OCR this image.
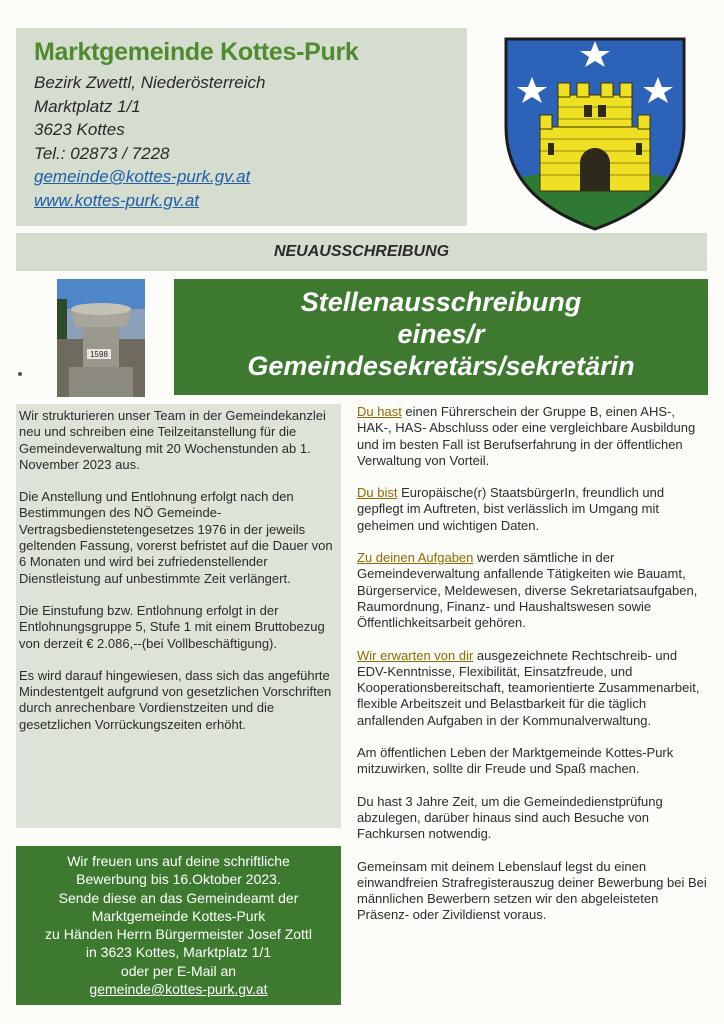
Marktgemeinde Kottes-Purk
Bezirk Zwettl, Niederösterreich
Marktplatz 1/1
3623 Kottes
Tel.: 02873 / 7228
gemeinde@kottes-purk.gv.at
www.kottes-purk.gv.at
NEUAUSSCHREIBUNG
1598
Stellenausschreibung
eines/r
Gemeindesekretärs/sekretärin

Wir strukturieren unser Team in der Gemeindekanzlei neu und schreiben eine Teilzeitanstellung für die Gemeindeverwaltung mit 20 Wochenstunden ab 1. November 2023 aus.

Die Anstellung und Entlohnung erfolgt nach den Bestimmungen des NÖ Gemeinde-Vertragsbedienstetengesetzes 1976 in der jeweils geltenden Fassung, vorerst befristet auf die Dauer von 6 Monaten und wird bei zufriedenstellender Dienstleistung auf unbestimmte Zeit verlängert.

Die Einstufung bzw. Entlohnung erfolgt in der Entlohnungsgruppe 5, Stufe 1 mit einem Bruttobezug von derzeit € 2.086,--(bei Vollbeschäftigung).

Es wird darauf hingewiesen, dass sich das angeführte Mindestentgelt aufgrund von gesetzlichen Vorschriften durch anrechenbare Vordienstzeiten und die gesetzlichen Vorrückungszeiten erhöht.

Wir freuen uns auf deine schriftliche
Bewerbung bis 16.Oktober 2023.
Sende diese an das Gemeindeamt der
Marktgemeinde Kottes-Purk
zu Händen Herrn Bürgermeister Josef Zottl
in 3623 Kottes, Marktplatz 1/1
oder per E-Mail an
gemeinde@kottes-purk.gv.at

Du hast einen Führerschein der Gruppe B, einen AHS-, HAK-, HAS- Abschluss oder eine vergleichbare Ausbildung und im besten Fall ist Berufserfahrung in der öffentlichen Verwaltung von Vorteil.

Du bist Europäische(r) StaatsbürgerIn, freundlich und gepflegt im Auftreten, bist verlässlich im Umgang mit geheimen und wichtigen Daten.

Zu deinen Aufgaben werden sämtliche in der Gemeindeverwaltung anfallende Tätigkeiten wie Bauamt, Bürgerservice, Meldewesen, diverse Sekretariatsaufgaben, Raumordnung, Finanz- und Haushaltswesen sowie Öffentlichkeitsarbeit gehören.

Wir erwarten von dir ausgezeichnete Rechtschreib- und EDV-Kenntnisse, Flexibilität, Einsatzfreude, und Kooperationsbereitschaft, teamorientierte Zusammenarbeit, flexible Arbeitszeit und Belastbarkeit für die täglich anfallenden Aufgaben in der Kommunalverwaltung.

Am öffentlichen Leben der Marktgemeinde Kottes-Purk mitzuwirken, sollte dir Freude und Spaß machen.

Du hast 3 Jahre Zeit, um die Gemeindedienstprüfung abzulegen, darüber hinaus sind auch Besuche von Fachkursen notwendig.

Gemeinsam mit deinem Lebenslauf legst du einen einwandfreien Strafregisterauszug deiner Bewerbung bei Bei männlichen Bewerbern setzen wir den abgeleisteten Präsenz- oder Zivildienst voraus.
